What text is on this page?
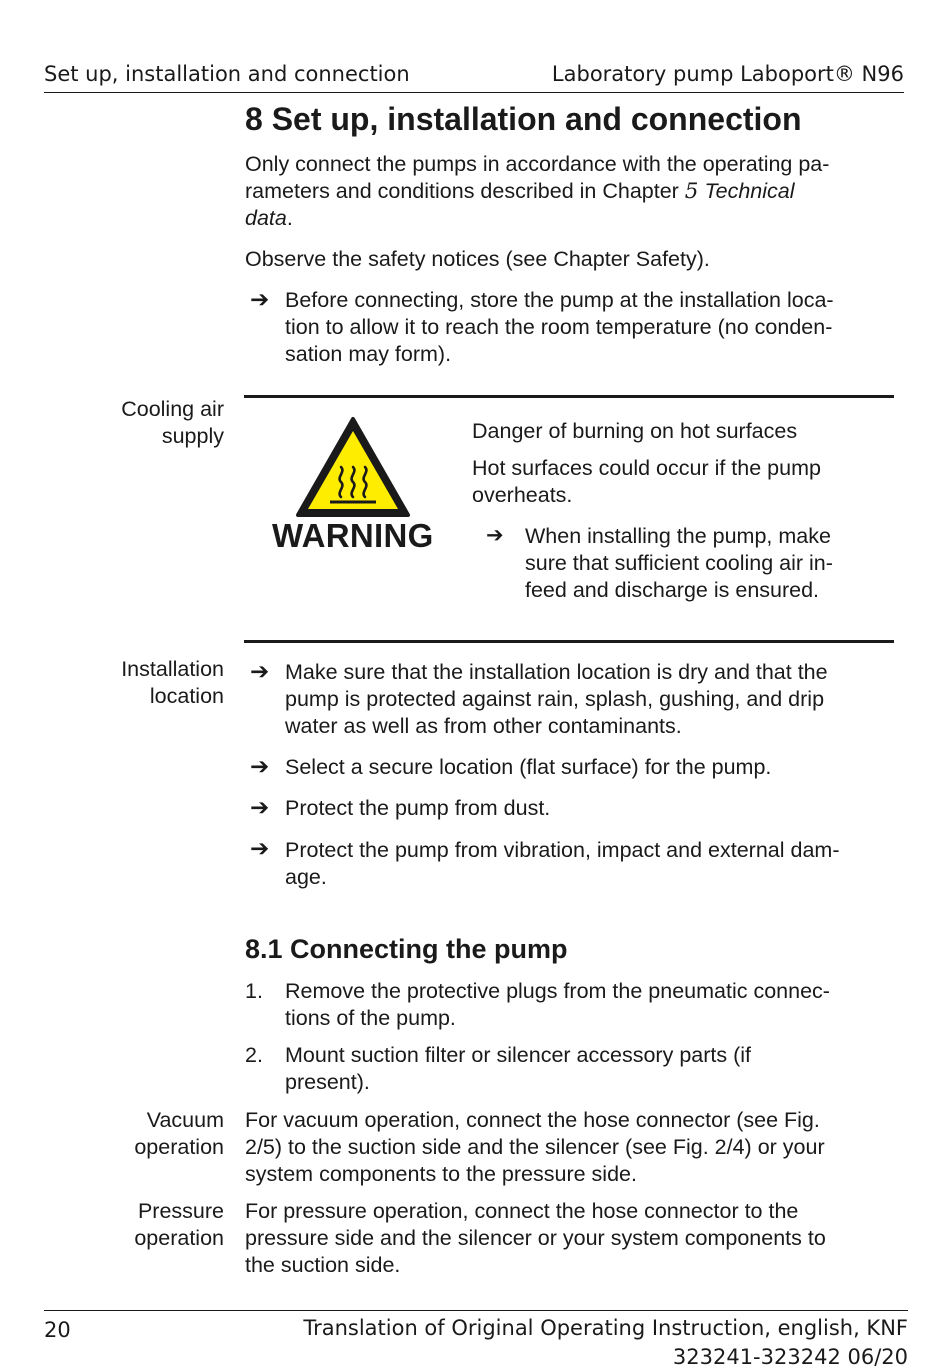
Set up, installation and connection	Laboratory pump Laboport® N96
8 Set up, installation and connection
Only connect the pumps in accordance with the operating pa-
rameters and conditions described in Chapter 5 Technical
data.
Observe the safety notices (see Chapter Safety).
➔ Before connecting, store the pump at the installation loca-
tion to allow it to reach the room temperature (no conden-
sation may form).
Cooling air
supply
WARNING
Danger of burning on hot surfaces
Hot surfaces could occur if the pump
overheats.
➔ When installing the pump, make
sure that sufficient cooling air in-
feed and discharge is ensured.
Installation
location
➔ Make sure that the installation location is dry and that the
pump is protected against rain, splash, gushing, and drip
water as well as from other contaminants.
➔ Select a secure location (flat surface) for the pump.
➔ Protect the pump from dust.
➔ Protect the pump from vibration, impact and external dam-
age.
8.1 Connecting the pump
1. Remove the protective plugs from the pneumatic connec-
tions of the pump.
2. Mount suction filter or silencer accessory parts (if
present).
Vacuum
operation
For vacuum operation, connect the hose connector (see Fig.
2/5) to the suction side and the silencer (see Fig. 2/4) or your
system components to the pressure side.
Pressure
operation
For pressure operation, connect the hose connector to the
pressure side and the silencer or your system components to
the suction side.
20	Translation of Original Operating Instruction, english, KNF
323241-323242 06/20
